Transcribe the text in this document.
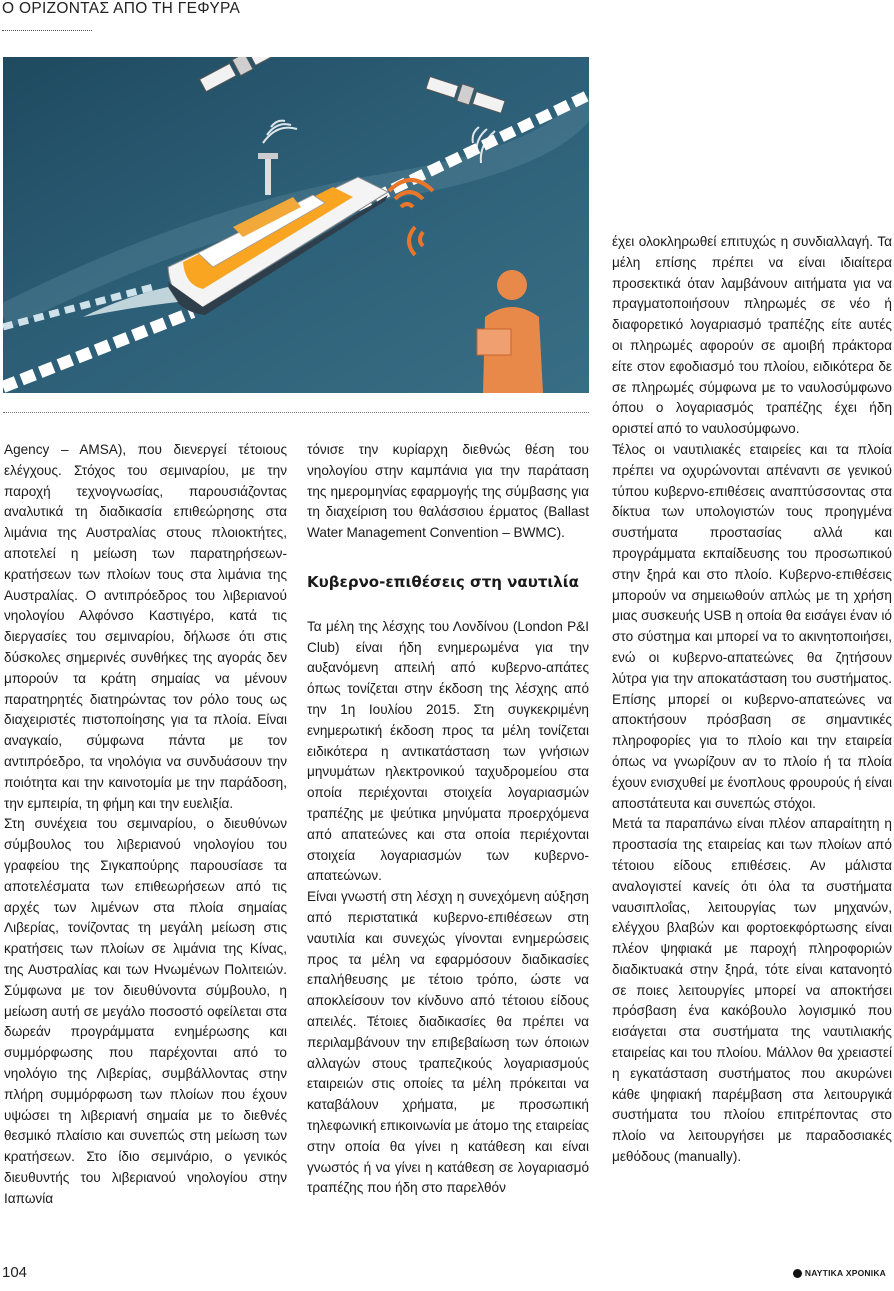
Ο ΟΡΙΖΟΝΤΑΣ ΑΠΟ ΤΗ ΓΕΦΥΡΑ

Agency – AMSA), που διενεργεί τέτοιους ελέγχους. Στόχος του σεμιναρίου, με την παροχή τεχνογνωσίας, παρουσιάζοντας αναλυτικά τη διαδικασία επιθεώρησης στα λιμάνια της Αυστραλίας στους πλοιοκτήτες, αποτελεί η μείωση των παρατηρήσεων-κρατήσεων των πλοίων τους στα λιμάνια της Αυστραλίας. Ο αντιπρόεδρος του λιβεριανού νηολογίου Αλφόνσο Καστιγέρο, κατά τις διεργασίες του σεμιναρίου, δήλωσε ότι στις δύσκολες σημερινές συνθήκες της αγοράς δεν μπορούν τα κράτη σημαίας να μένουν παρατηρητές διατηρώντας τον ρόλο τους ως διαχειριστές πιστοποίησης για τα πλοία. Είναι αναγκαίο, σύμφωνα πάντα με τον αντιπρόεδρο, τα νηολόγια να συνδυάσουν την ποιότητα και την καινοτομία με την παράδοση, την εμπειρία, τη φήμη και την ευελιξία.

Στη συνέχεια του σεμιναρίου, ο διευθύνων σύμβουλος του λιβεριανού νηολογίου του γραφείου της Σιγκαπούρης παρουσίασε τα αποτελέσματα των επιθεωρήσεων από τις αρχές των λιμένων στα πλοία σημαίας Λιβερίας, τονίζοντας τη μεγάλη μείωση στις κρατήσεις των πλοίων σε λιμάνια της Κίνας, της Αυστραλίας και των Ηνωμένων Πολιτειών. Σύμφωνα με τον διευθύνοντα σύμβουλο, η μείωση αυτή σε μεγάλο ποσοστό οφείλεται στα δωρεάν προγράμματα ενημέρωσης και συμμόρφωσης που παρέχονται από το νηολόγιο της Λιβερίας, συμβάλλοντας στην πλήρη συμμόρφωση των πλοίων που έχουν υψώσει τη λιβεριανή σημαία με το διεθνές θεσμικό πλαίσιο και συνεπώς στη μείωση των κρατήσεων. Στο ίδιο σεμινάριο, ο γενικός διευθυντής του λιβεριανού νηολογίου στην Ιαπωνία

τόνισε την κυρίαρχη διεθνώς θέση του νηολογίου στην καμπάνια για την παράταση της ημερομηνίας εφαρμογής της σύμβασης για τη διαχείριση του θαλάσσιου έρματος (Ballast Water Management Convention – BWMC).

Κυβερνο-επιθέσεις στη ναυτιλία

Τα μέλη της λέσχης του Λονδίνου (London P&I Club) είναι ήδη ενημερωμένα για την αυξανόμενη απειλή από κυβερνο-απάτες όπως τονίζεται στην έκδοση της λέσχης από την 1η Ιουλίου 2015. Στη συγκεκριμένη ενημερωτική έκδοση προς τα μέλη τονίζεται ειδικότερα η αντικατάσταση των γνήσιων μηνυμάτων ηλεκτρονικού ταχυδρομείου στα οποία περιέχονται στοιχεία λογαριασμών τραπέζης με ψεύτικα μηνύματα προερχόμενα από απατεώνες και στα οποία περιέχονται στοιχεία λογαριασμών των κυβερνο-απατεώνων.

Είναι γνωστή στη λέσχη η συνεχόμενη αύξηση από περιστατικά κυβερνο-επιθέσεων στη ναυτιλία και συνεχώς γίνονται ενημερώσεις προς τα μέλη να εφαρμόσουν διαδικασίες επαλήθευσης με τέτοιο τρόπο, ώστε να αποκλείσουν τον κίνδυνο από τέτοιου είδους απειλές. Τέτοιες διαδικασίες θα πρέπει να περιλαμβάνουν την επιβεβαίωση των όποιων αλλαγών στους τραπεζικούς λογαριασμούς εταιρειών στις οποίες τα μέλη πρόκειται να καταβάλουν χρήματα, με προσωπική τηλεφωνική επικοινωνία με άτομο της εταιρείας στην οποία θα γίνει η κατάθεση και είναι γνωστός ή να γίνει η κατάθεση σε λογαριασμό τραπέζης που ήδη στο παρελθόν

έχει ολοκληρωθεί επιτυχώς η συνδιαλλαγή. Τα μέλη επίσης πρέπει να είναι ιδιαίτερα προσεκτικά όταν λαμβάνουν αιτήματα για να πραγματοποιήσουν πληρωμές σε νέο ή διαφορετικό λογαριασμό τραπέζης είτε αυτές οι πληρωμές αφορούν σε αμοιβή πράκτορα είτε στον εφοδιασμό του πλοίου, ειδικότερα δε σε πληρωμές σύμφωνα με το ναυλοσύμφωνο όπου ο λογαριασμός τραπέζης έχει ήδη οριστεί από το ναυλοσύμφωνο.

Τέλος οι ναυτιλιακές εταιρείες και τα πλοία πρέπει να οχυρώνονται απέναντι σε γενικού τύπου κυβερνο-επιθέσεις αναπτύσσοντας στα δίκτυα των υπολογιστών τους προηγμένα συστήματα προστασίας αλλά και προγράμματα εκπαίδευσης του προσωπικού στην ξηρά και στο πλοίο. Κυβερνο-επιθέσεις μπορούν να σημειωθούν απλώς με τη χρήση μιας συσκευής USB η οποία θα εισάγει έναν ιό στο σύστημα και μπορεί να το ακινητοποιήσει, ενώ οι κυβερνο-απατεώνες θα ζητήσουν λύτρα για την αποκατάσταση του συστήματος. Επίσης μπορεί οι κυβερνο-απατεώνες να αποκτήσουν πρόσβαση σε σημαντικές πληροφορίες για το πλοίο και την εταιρεία όπως να γνωρίζουν αν το πλοίο ή τα πλοία έχουν ενισχυθεί με ένοπλους φρουρούς ή είναι αποστάτευτα και συνεπώς στόχοι.

Μετά τα παραπάνω είναι πλέον απαραίτητη η προστασία της εταιρείας και των πλοίων από τέτοιου είδους επιθέσεις. Αν μάλιστα αναλογιστεί κανείς ότι όλα τα συστήματα ναυσιπλοΐας, λειτουργίας των μηχανών, ελέγχου βλαβών και φορτοεκφόρτωσης είναι πλέον ψηφιακά με παροχή πληροφοριών διαδικτυακά στην ξηρά, τότε είναι κατανοητό σε ποιες λειτουργίες μπορεί να αποκτήσει πρόσβαση ένα κακόβουλο λογισμικό που εισάγεται στα συστήματα της ναυτιλιακής εταιρείας και του πλοίου. Μάλλον θα χρειαστεί η εγκατάσταση συστήματος που ακυρώνει κάθε ψηφιακή παρέμβαση στα λειτουργικά συστήματα του πλοίου επιτρέποντας στο πλοίο να λειτουργήσει με παραδοσιακές μεθόδους (manually).

104	ΝΑΥΤΙΚΑ ΧΡΟΝΙΚΑ
